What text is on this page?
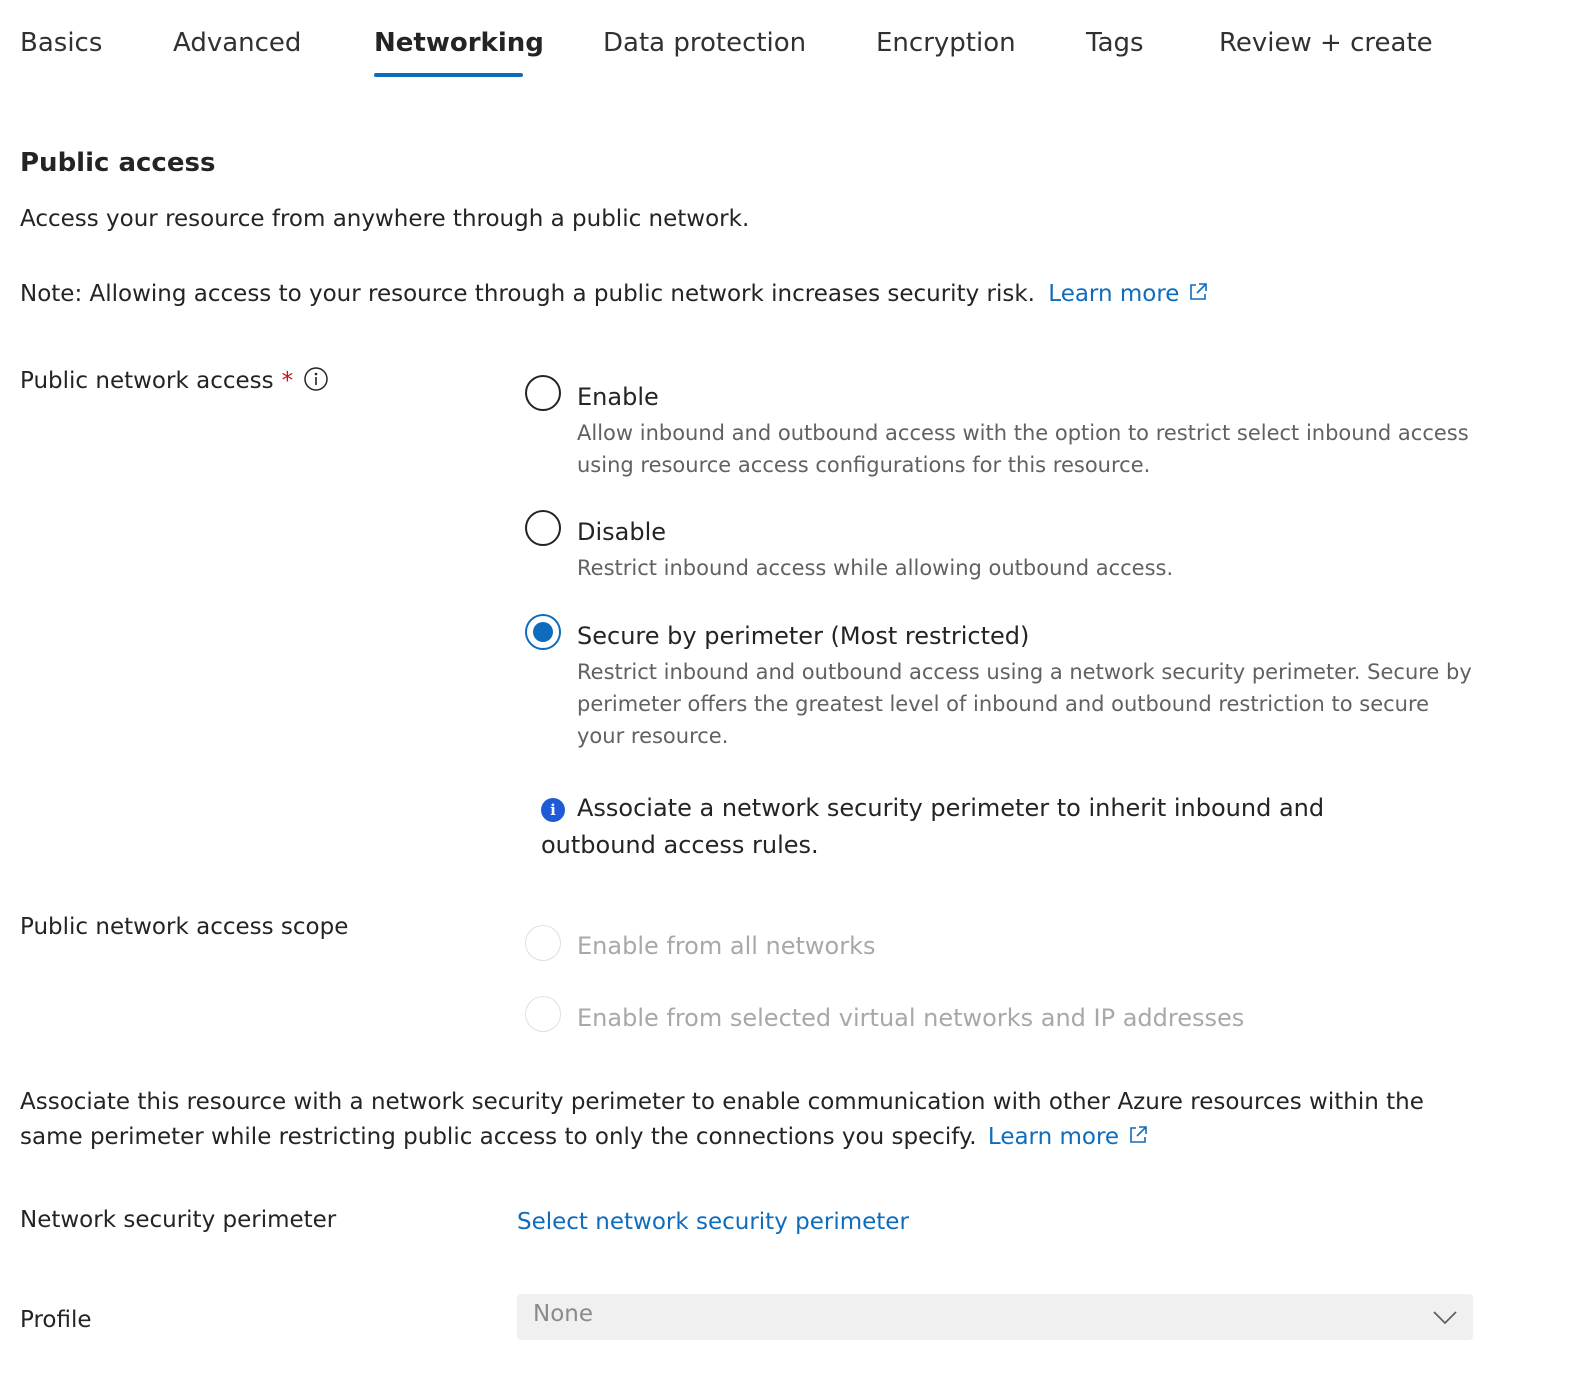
Basics	Advanced	Networking Data protection	Encryption	Tags	Review + create
Public access
Access your resource from anywhere through a public network.
Note: Allowing access to your resource through a public network increases security risk. Learn more
Public network access *
Enable
Allow inbound and outbound access with the option to restrict select inbound access using resource access configurations for this resource.
Disable
Restrict inbound access while allowing outbound access.
Secure by perimeter (Most restricted)
Restrict inbound and outbound access using a network security perimeter. Secure by perimeter offers the greatest level of inbound and outbound restriction to secure your resource.
i Associate a network security perimeter to inherit inbound and outbound access rules.
Public network access scope
Enable from all networks
Enable from selected virtual networks and IP addresses
Associate this resource with a network security perimeter to enable communication with other Azure resources within the same perimeter while restricting public access to only the connections you specify. Learn more
Network security perimeter	Select network security perimeter
Profile	None
